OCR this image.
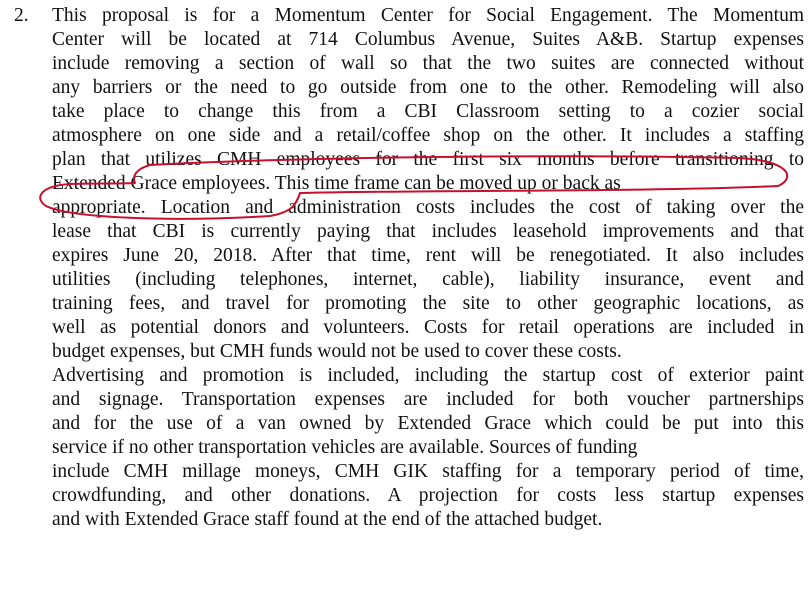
2. This proposal is for a Momentum Center for Social Engagement. The Momentum
Center will be located at 714 Columbus Avenue, Suites A&B. Startup expenses
include removing a section of wall so that the two suites are connected without
any barriers or the need to go outside from one to the other. Remodeling will also
take place to change this from a CBI Classroom setting to a cozier social
atmosphere on one side and a retail/coffee shop on the other. It includes a staffing
plan that utilizes CMH employees for the first six months before transitioning to
Extended Grace employees. This time frame can be moved up or back as
appropriate. Location and administration costs includes the cost of taking over the
lease that CBI is currently paying that includes leasehold improvements and that
expires June 20, 2018. After that time, rent will be renegotiated. It also includes
utilities (including telephones, internet, cable), liability insurance, event and
training fees, and travel for promoting the site to other geographic locations, as
well as potential donors and volunteers. Costs for retail operations are included in
budget expenses, but CMH funds would not be used to cover these costs.
Advertising and promotion is included, including the startup cost of exterior paint
and signage. Transportation expenses are included for both voucher partnerships
and for the use of a van owned by Extended Grace which could be put into this
service if no other transportation vehicles are available. Sources of funding
include CMH millage moneys, CMH GIK staffing for a temporary period of time,
crowdfunding, and other donations. A projection for costs less startup expenses
and with Extended Grace staff found at the end of the attached budget.
